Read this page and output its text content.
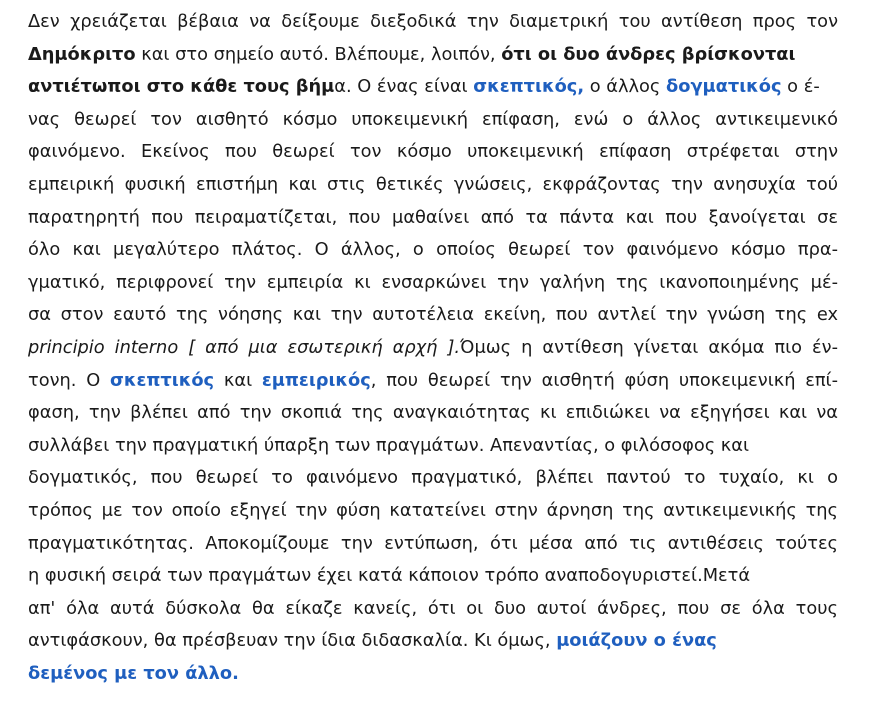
Δεν χρειάζεται βέβαια να δείξουμε διεξοδικά την διαμετρική του αντίθεση προς τον
Δημόκριτο και στο σημείο αυτό. Βλέπουμε, λοιπόν, ότι οι δυο άνδρες βρίσκονται
αντιέτωποι στο κάθε τους βήμα. Ο ένας είναι σκεπτικός, ο άλλος δογματικός ο έ-
νας θεωρεί τον αισθητό κόσμο υποκειμενική επίφαση, ενώ ο άλλος αντικειμενικό
φαινόμενο. Εκείνος που θεωρεί τον κόσμο υποκειμενική επίφαση στρέφεται στην
εμπειρική φυσική επιστήμη και στις θετικές γνώσεις, εκφράζοντας την ανησυχία τού
παρατηρητή που πειραματίζεται, που μαθαίνει από τα πάντα και που ξανοίγεται σε
όλο και μεγαλύτερο πλάτος. Ο άλλος, ο οποίος θεωρεί τον φαινόμενο κόσμο πρα-
γματικό, περιφρονεί την εμπειρία κι ενσαρκώνει την γαλήνη της ικανοποιημένης μέ-
σα στον εαυτό της νόησης και την αυτοτέλεια εκείνη, που αντλεί την γνώση της ex
principio interno [ από μια εσωτερική αρχή ].Όμως η αντίθεση γίνεται ακόμα πιο έν-
τονη. Ο σκεπτικός και εμπειρικός, που θεωρεί την αισθητή φύση υποκειμενική επί-
φαση, την βλέπει από την σκοπιά της αναγκαιότητας κι επιδιώκει να εξηγήσει και να
συλλάβει την πραγματική ύπαρξη των πραγμάτων. Απεναντίας, ο φιλόσοφος και
δογματικός, που θεωρεί το φαινόμενο πραγματικό, βλέπει παντού το τυχαίο, κι ο
τρόπος με τον οποίο εξηγεί την φύση κατατείνει στην άρνηση της αντικειμενικής της
πραγματικότητας. Αποκομίζουμε την εντύπωση, ότι μέσα από τις αντιθέσεις τούτες
η φυσική σειρά των πραγμάτων έχει κατά κάποιον τρόπο αναποδογυριστεί.Μετά
απ' όλα αυτά δύσκολα θα είκαζε κανείς, ότι οι δυο αυτοί άνδρες, που σε όλα τους
αντιφάσκουν, θα πρέσβευαν την ίδια διδασκαλία. Κι όμως, μοιάζουν ο ένας
δεμένος με τον άλλο.
